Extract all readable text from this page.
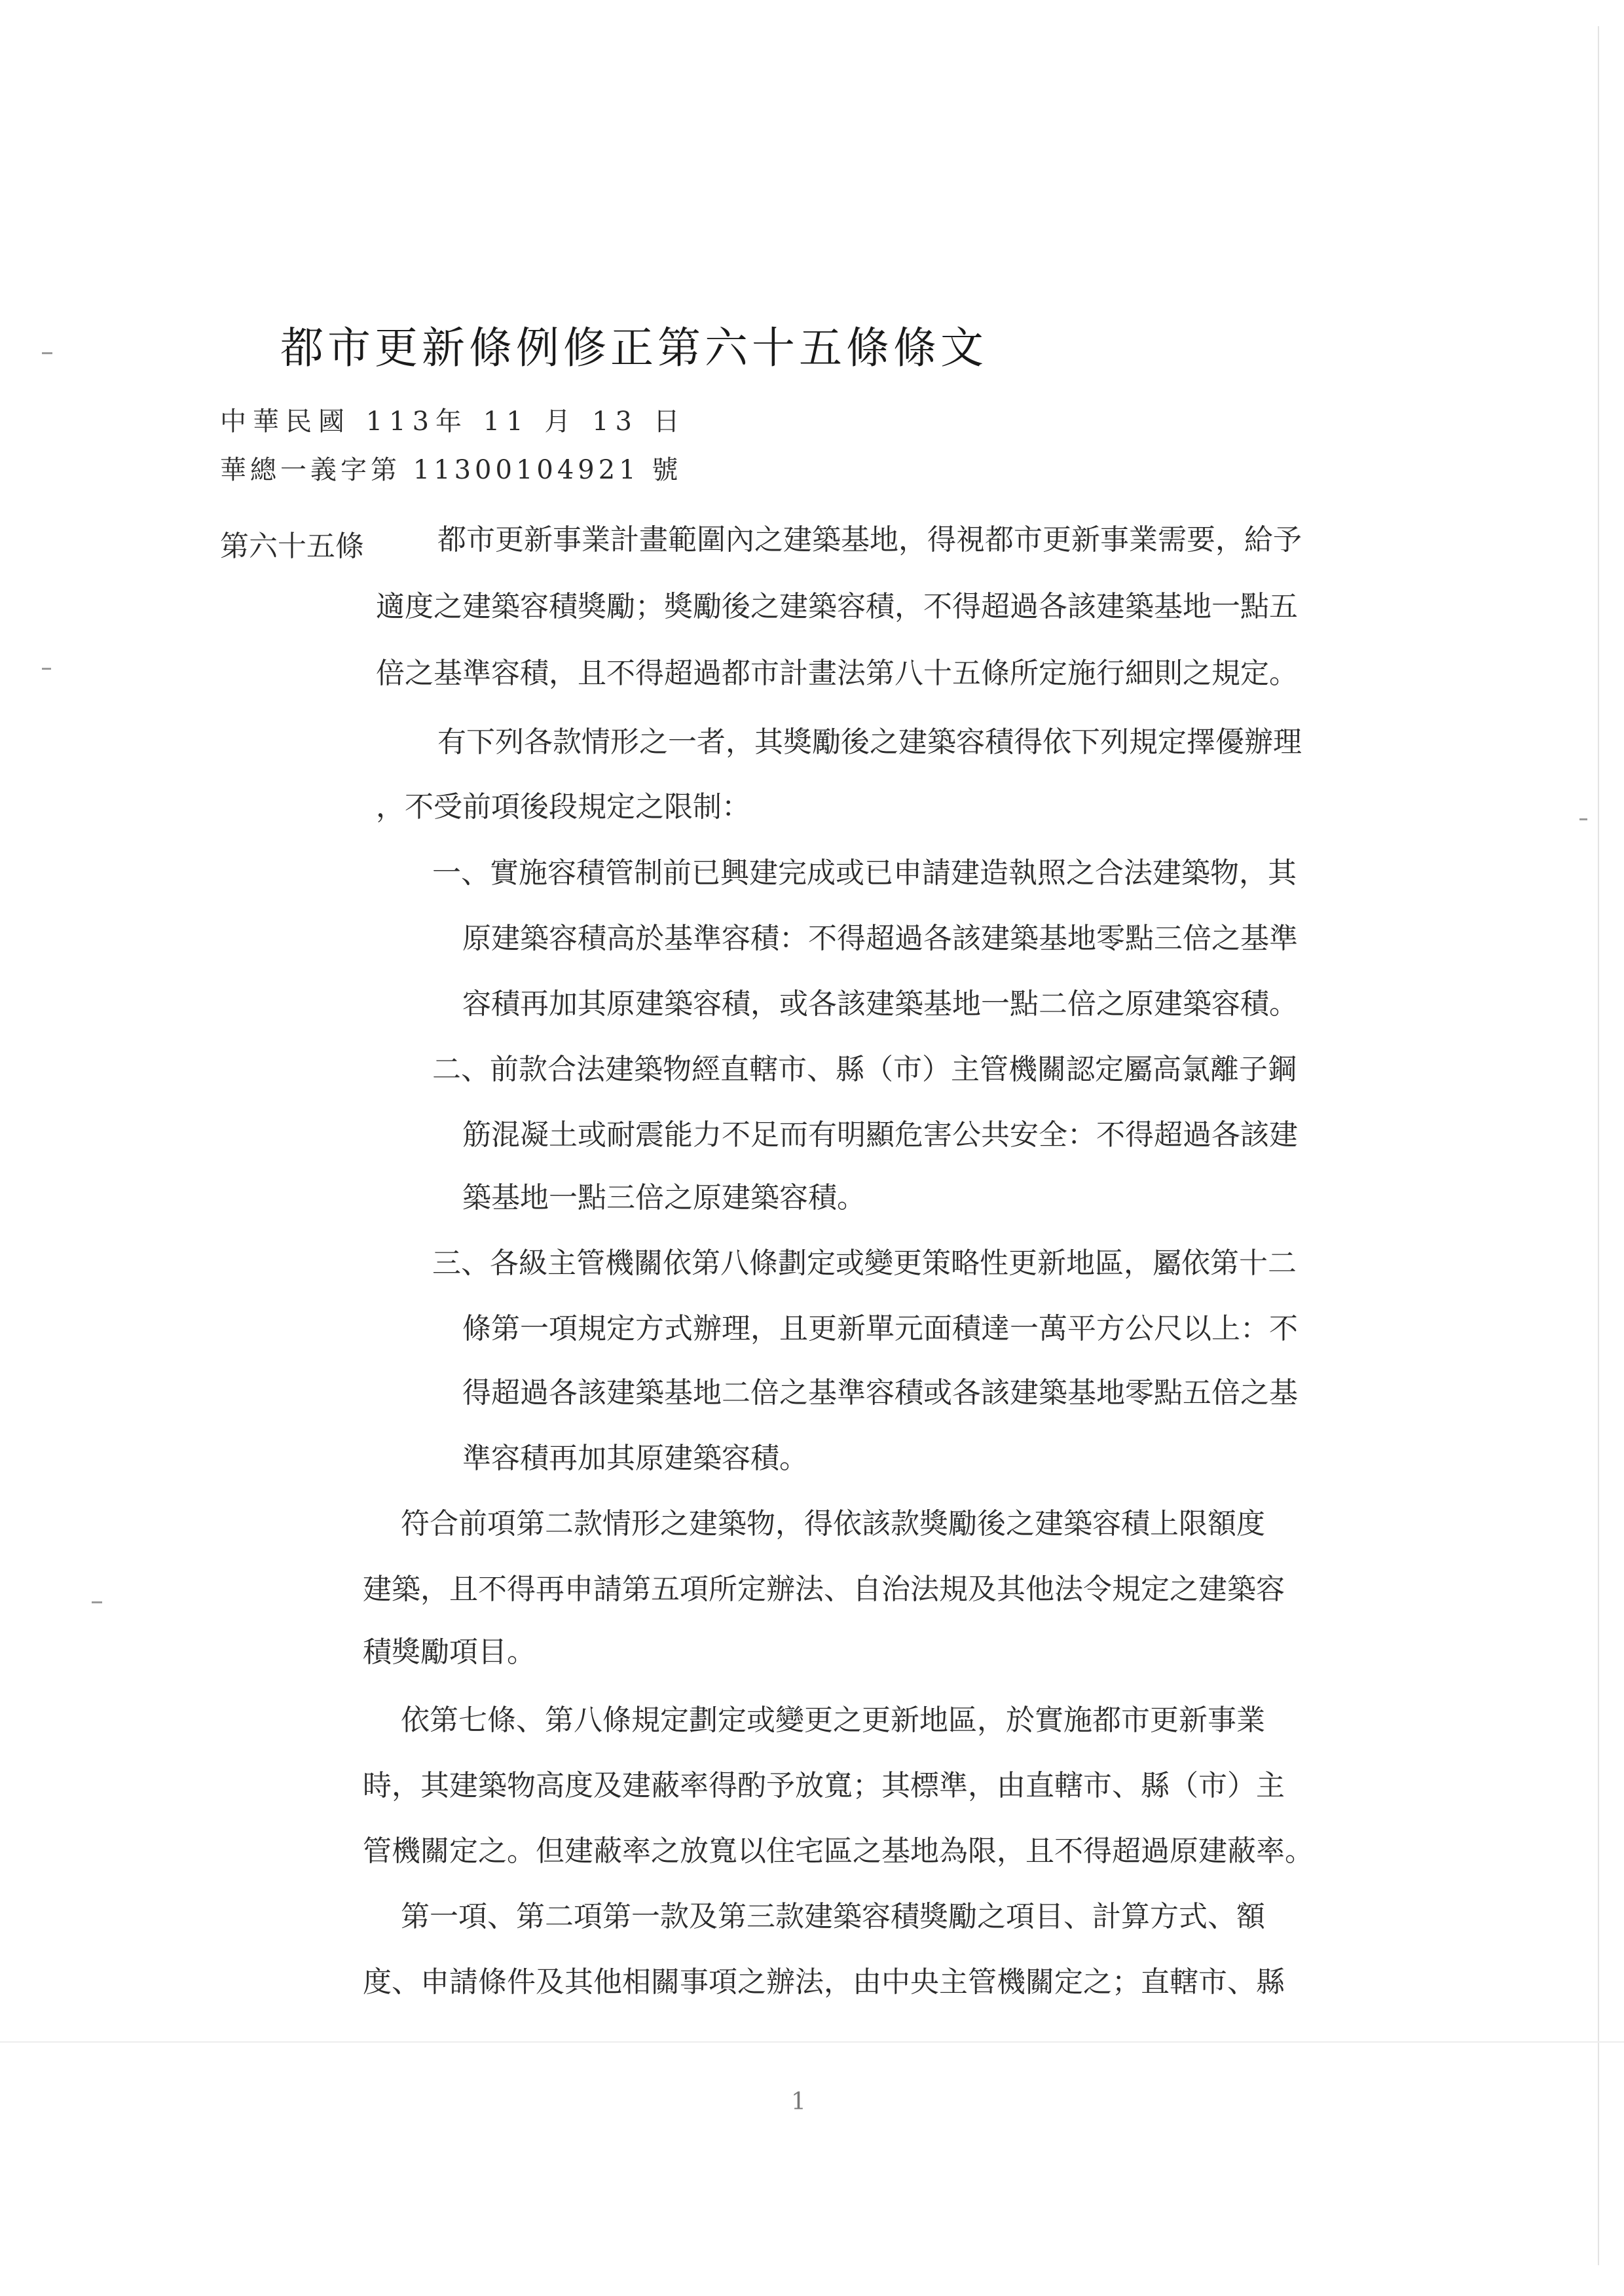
都市更新條例修正第六十五條條文
中華民國 113年 11 月 13 日
華總一義字第 11300104921 號
第六十五條	都市更新事業計畫範圍內之建築基地，得視都市更新事業需要，給予
適度之建築容積獎勵；獎勵後之建築容積，不得超過各該建築基地一點五
倍之基準容積，且不得超過都市計畫法第八十五條所定施行細則之規定。
有下列各款情形之一者，其獎勵後之建築容積得依下列規定擇優辦理
，不受前項後段規定之限制：
一、實施容積管制前已興建完成或已申請建造執照之合法建築物，其
原建築容積高於基準容積：不得超過各該建築基地零點三倍之基準
容積再加其原建築容積，或各該建築基地一點二倍之原建築容積。
二、前款合法建築物經直轄市、縣（市）主管機關認定屬高氯離子鋼
筋混凝土或耐震能力不足而有明顯危害公共安全：不得超過各該建
築基地一點三倍之原建築容積。
三、各級主管機關依第八條劃定或變更策略性更新地區，屬依第十二
條第一項規定方式辦理，且更新單元面積達一萬平方公尺以上：不
得超過各該建築基地二倍之基準容積或各該建築基地零點五倍之基
準容積再加其原建築容積。
符合前項第二款情形之建築物，得依該款獎勵後之建築容積上限額度
建築，且不得再申請第五項所定辦法、自治法規及其他法令規定之建築容
積獎勵項目。
依第七條、第八條規定劃定或變更之更新地區，於實施都市更新事業
時，其建築物高度及建蔽率得酌予放寬；其標準，由直轄市、縣（市）主
管機關定之。但建蔽率之放寬以住宅區之基地為限，且不得超過原建蔽率。
第一項、第二項第一款及第三款建築容積獎勵之項目、計算方式、額
度、申請條件及其他相關事項之辦法，由中央主管機關定之；直轄市、縣
1
